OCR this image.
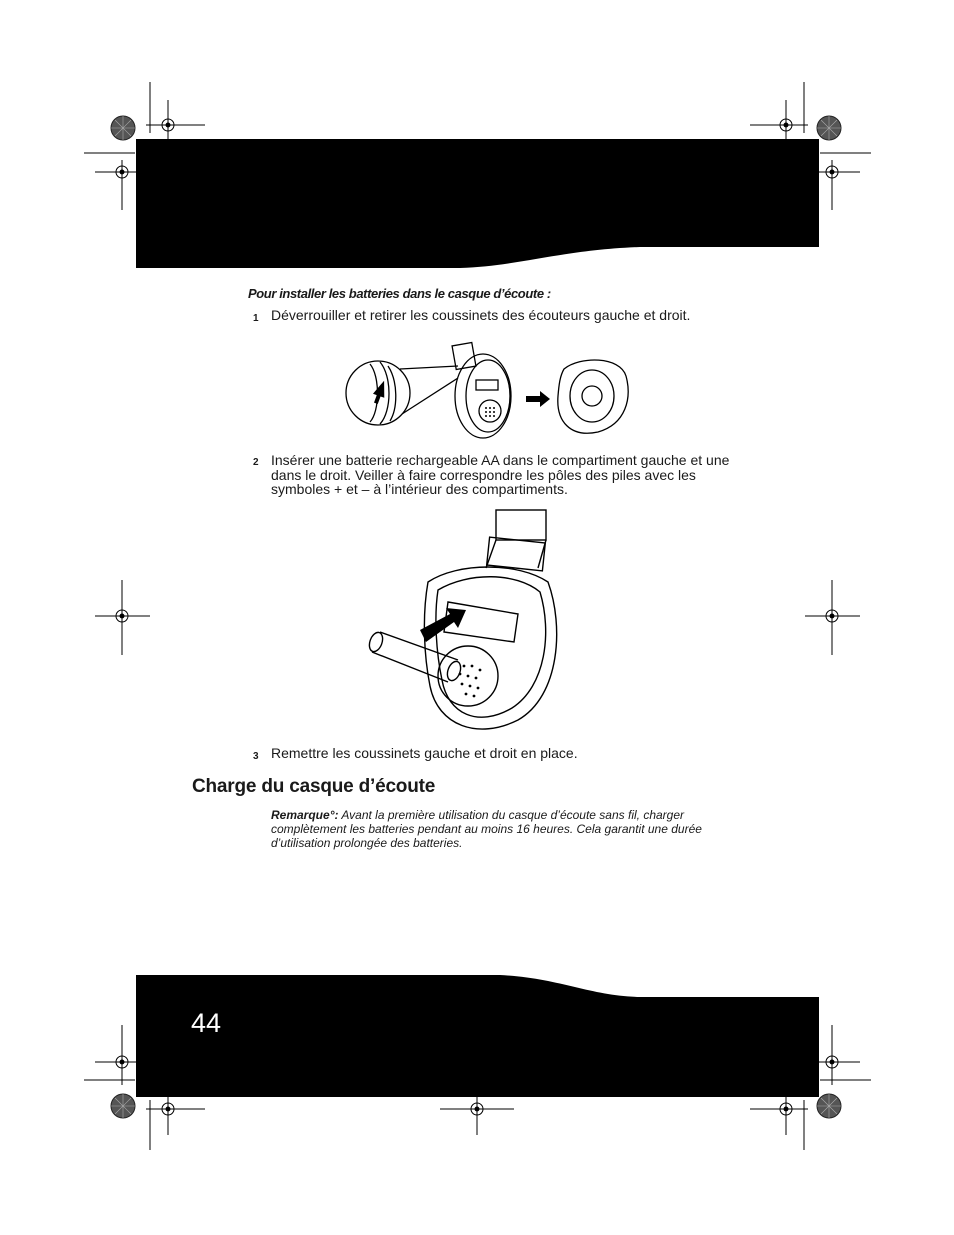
Pour installer les batteries dans le casque d’écoute :
1 Déverrouiller et retirer les coussinets des écouteurs gauche et droit.
2 Insérer une batterie rechargeable AA dans le compartiment gauche et une dans le droit. Veiller à faire correspondre les pôles des piles avec les symboles + et – à l’intérieur des compartiments.
3 Remettre les coussinets gauche et droit en place.
Charge du casque d’écoute
Remarque°: Avant la première utilisation du casque d’écoute sans fil, charger complètement les batteries pendant au moins 16 heures. Cela garantit une durée d’utilisation prolongée des batteries.
44
